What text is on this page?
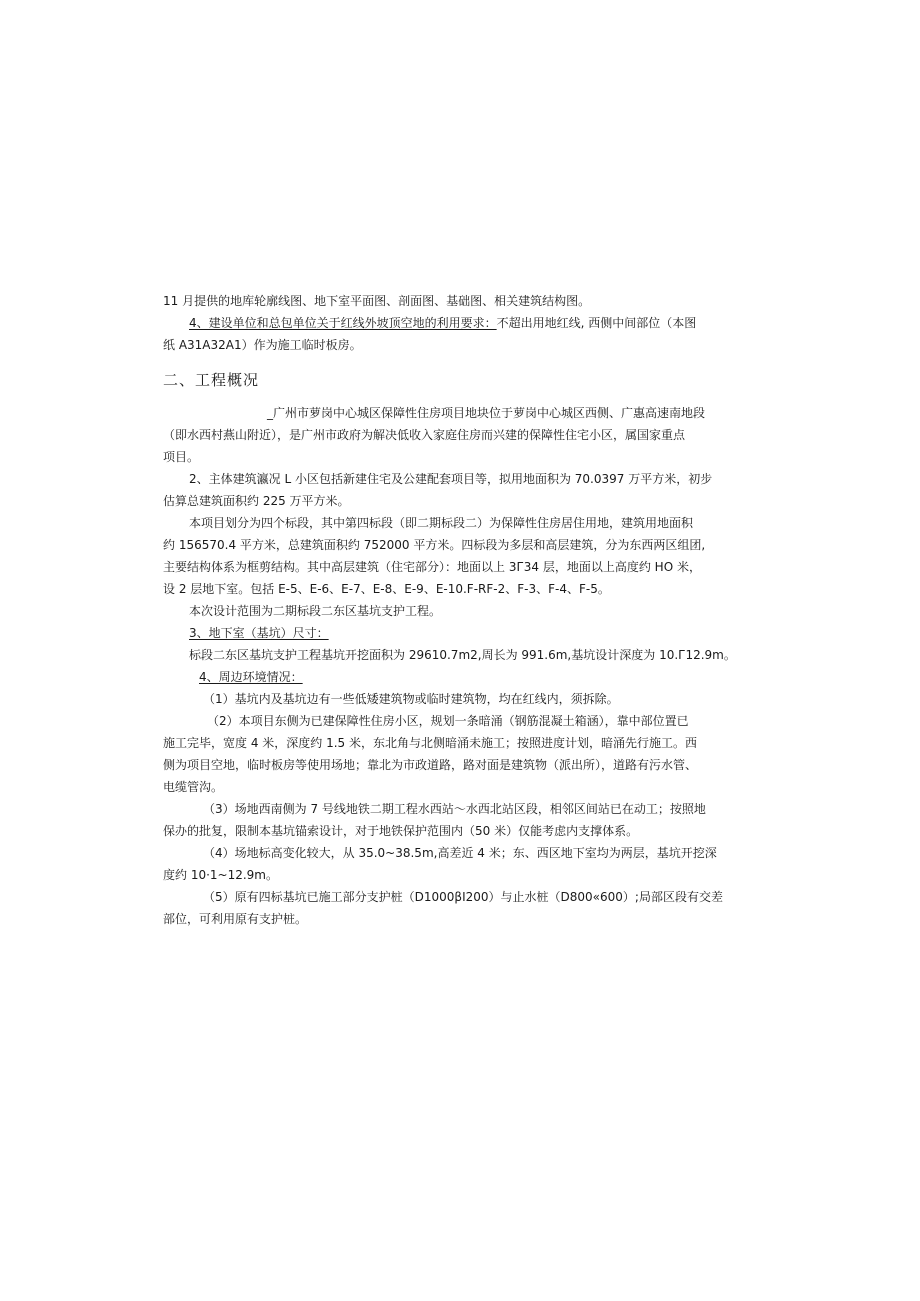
11 月提供的地库轮廓线图、地下室平面图、剖面图、基础图、相关建筑结构图。

4、建设单位和总包单位关于红线外坡顶空地的利用要求：不超出用地红线, 西侧中间部位（本图

纸 A31A32A1）作为施工临时板房。

二、工程概况

_广州市萝岗中心城区保障性住房项目地块位于萝岗中心城区西侧、广惠高速南地段

（即水西村燕山附近），是广州市政府为解决低收入家庭住房而兴建的保障性住宅小区，属国家重点

项目。

2、主体建筑瀛况 L 小区包括新建住宅及公建配套项目等，拟用地面积为 70.0397 万平方米，初步

估算总建筑面积约 225 万平方米。

本项目划分为四个标段，其中第四标段（即二期标段二）为保障性住房居住用地，建筑用地面积

约 156570.4 平方米，总建筑面积约 752000 平方米。四标段为多层和高层建筑，分为东西两区组团,

主要结构体系为框剪结构。其中高层建筑（住宅部分）：地面以上 3Г34 层，地面以上高度约 HO 米，

设 2 层地下室。包括 E-5、E-6、E-7、E-8、E-9、E-10.F-RF-2、F-3、F-4、F-5。

本次设计范围为二期标段二东区基坑支护工程。

3、地下室（基坑）尺寸：

标段二东区基坑支护工程基坑开挖面积为 29610.7m2,周长为 991.6m,基坑设计深度为 10.Г12.9m。

4、周边环境情况：

（1）基坑内及基坑边有一些低矮建筑物或临时建筑物，均在红线内，须拆除。

（2）本项目东侧为已建保障性住房小区，规划一条暗涌（钢筋混凝土箱涵），靠中部位置已

施工完毕，宽度 4 米，深度约 1.5 米，东北角与北侧暗涌未施工；按照进度计划，暗涌先行施工。西

侧为项目空地，临时板房等使用场地；靠北为市政道路，路对面是建筑物（派出所），道路有污水管、

电缆管沟。

（3）场地西南侧为 7 号线地铁二期工程水西站～水西北站区段，相邻区间站已在动工；按照地

保办的批复，限制本基坑锚索设计，对于地铁保护范围内（50 米）仅能考虑内支撑体系。

（4）场地标高变化较大，从 35.0~38.5m,高差近 4 米；东、西区地下室均为两层，基坑开挖深

度约 10·1~12.9m。

（5）原有四标基坑已施工部分支护桩（D1000βI200）与止水桩（D800«600）;局部区段有交差

部位，可利用原有支护桩。
